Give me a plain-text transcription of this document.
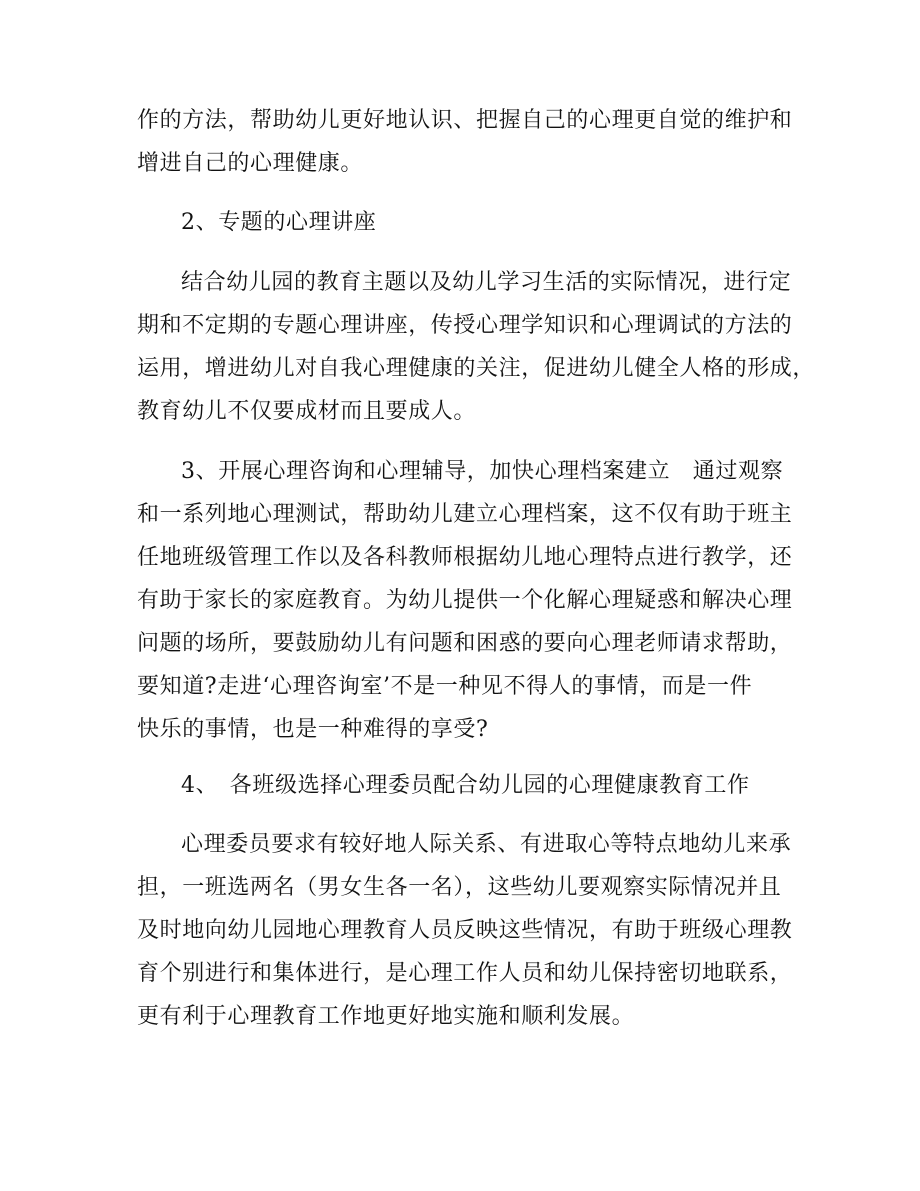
作的方法，帮助幼儿更好地认识、把握自己的心理更自觉的维护和
增进自己的心理健康。
2、专题的心理讲座
结合幼儿园的教育主题以及幼儿学习生活的实际情况，进行定
期和不定期的专题心理讲座，传授心理学知识和心理调试的方法的
运用，增进幼儿对自我心理健康的关注，促进幼儿健全人格的形成，
教育幼儿不仅要成材而且要成人。
3、开展心理咨询和心理辅导，加快心理档案建立　通过观察
和一系列地心理测试，帮助幼儿建立心理档案，这不仅有助于班主
任地班级管理工作以及各科教师根据幼儿地心理特点进行教学，还
有助于家长的家庭教育。为幼儿提供一个化解心理疑惑和解决心理
问题的场所，要鼓励幼儿有问题和困惑的要向心理老师请求帮助，
要知道?走进‘心理咨询室’不是一种见不得人的事情，而是一件
快乐的事情，也是一种难得的享受?
4、　各班级选择心理委员配合幼儿园的心理健康教育工作
心理委员要求有较好地人际关系、有进取心等特点地幼儿来承
担，一班选两名（男女生各一名），这些幼儿要观察实际情况并且
及时地向幼儿园地心理教育人员反映这些情况，有助于班级心理教
育个别进行和集体进行，是心理工作人员和幼儿保持密切地联系，
更有利于心理教育工作地更好地实施和顺利发展。
